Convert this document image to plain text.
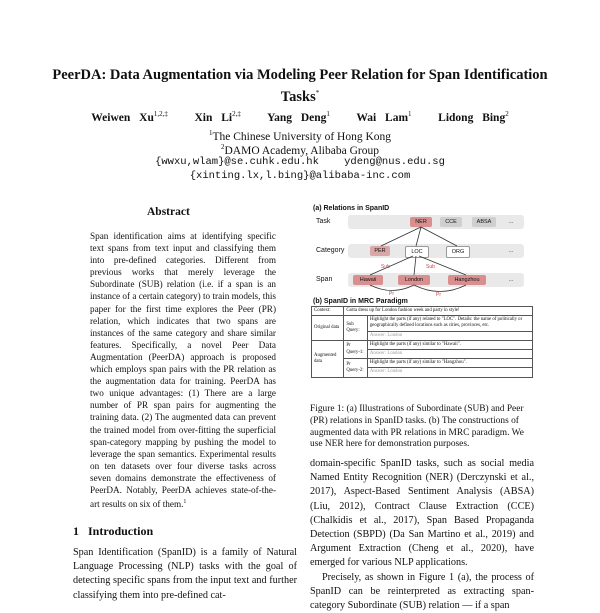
PeerDA: Data Augmentation via Modeling Peer Relation for Span Identification Tasks*
Weiwen $Xu^{1,2,\ddagger}$ Xin $Li^{2,\ddagger}$ Yang Deng$^1$ Wai Lam$^1$ Lidong Bing$^2$
$^1$The Chinese University of Hong Kong
$^2$DAMO Academy, Alibaba Group
{wwxu,wlam}@se.cuhk.edu.hk    ydeng@nus.edu.sg
{xinting.lx,l.bing}@alibaba-inc.com
Abstract

Span identification aims at identifying specific text spans from text input and classifying them into pre-defined categories. Different from previous works that merely leverage the Subordinate (SUB) relation (i.e. if a span is an instance of a certain category) to train models, this paper for the first time explores the Peer (PR) relation, which indicates that two spans are instances of the same category and share similar features. Specifically, a novel Peer Data Augmentation (PeerDA) approach is proposed which employs span pairs with the PR relation as the augmentation data for training. PeerDA has two unique advantages: (1) There are a large number of PR span pairs for augmenting the training data. (2) The augmented data can prevent the trained model from over-fitting the superficial span-category mapping by pushing the model to leverage the span semantics. Experimental results on ten datasets over four diverse tasks across seven domains demonstrate the effectiveness of PeerDA. Notably, PeerDA achieves state-of-the-art results on six of them.$^1$

1   Introduction
Span Identification (SpanID) is a family of Natural Language Processing (NLP) tasks with the goal of detecting specific spans from the input text and further classifying them into pre-defined cat-
(a) Relations in SpanID
Task
Category
Span
NER	CCE	ABSA	...
PER	LOC	ORG	...
Hawaii	London	Hangzhou	...
Sub	Sub
Pr	Pr
(b) SpanID in MRC Paradigm
Context:	Gotta dress up for London fashion week and party in style!	
Original data	Sub Query:	Highlight the parts (if any) related to "LOC". Details: the name of politically or geographically defined locations such as cities, provinces, etc.
		Answer: London
Augmented data	Pr Query-1:	Highlight the parts (if any) similar to "Hawaii".
		Answer: London
	Pr Query-2:	Highlight the parts (if any) similar to "Hangzhou".
		Answer: London
Figure 1: (a) Illustrations of Subordinate (SUB) and Peer (PR) relations in SpanID tasks. (b) The constructions of augmented data with PR relations in MRC paradigm. We use NER here for demonstration purposes.
domain-specific SpanID tasks, such as social media Named Entity Recognition (NER) (Derczynski et al., 2017), Aspect-Based Sentiment Analysis (ABSA) (Liu, 2012), Contract Clause Extraction (CCE) (Chalkidis et al., 2017), Span Based Propaganda Detection (SBPD) (Da San Martino et al., 2019) and Argument Extraction (Cheng et al., 2020), have emerged for various NLP applications.
Precisely, as shown in Figure 1 (a), the process of SpanID can be reinterpreted as extracting span-category Subordinate (SUB) relation — if a span
